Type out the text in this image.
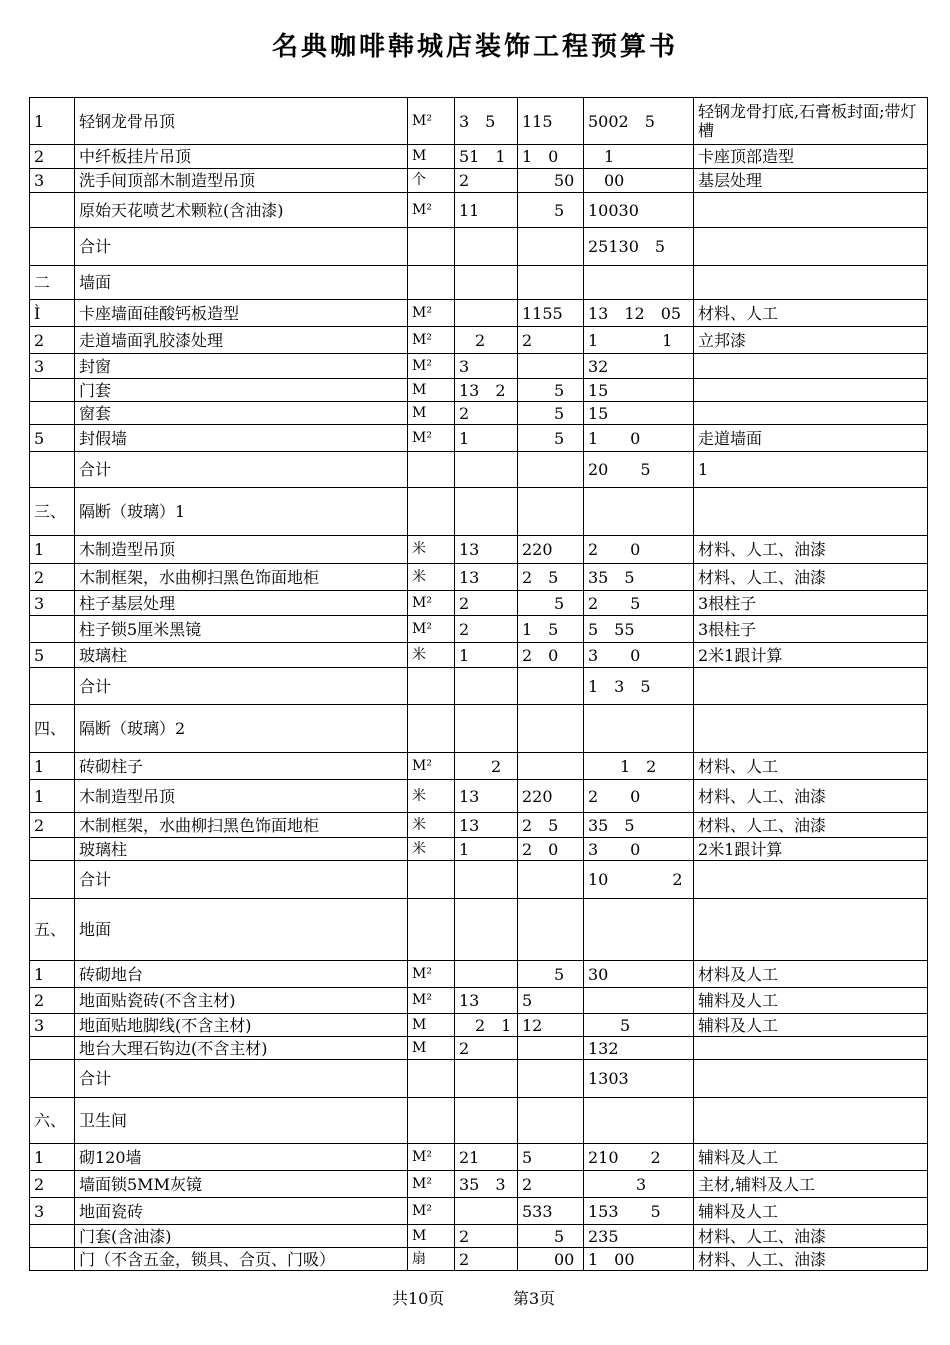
名典咖啡韩城店装饰工程预算书
1	轻钢龙骨吊顶	M²	3　5	115	5002　5	轻钢龙骨打底,石膏板封面;带灯槽
2	中纤板挂片吊顶	M	51　1	1　0	　1	卡座顶部造型
3	洗手间顶部木制造型吊顶	个	2	　　50	　00	基层处理
	原始天花喷艺术颗粒(含油漆)	M²	11	　　5	10030	
	合计				25130　5	
二	墙面					
Ì	卡座墙面硅酸钙板造型	M²		1155	13　12　05	材料、人工
2	走道墙面乳胶漆处理	M²	　2	2	1　　　　1	立邦漆
3	封窗	M²	3		32	
	门套	M	13　2	　　5	15	
	窗套	M	2	　　5	15	
5	封假墙	M²	1	　　5	1　　0	走道墙面
	合计				20　　5	1
三、	隔断（玻璃）1					
1	木制造型吊顶	米	13	220	2　　0	材料、人工、油漆
2	木制框架，水曲柳扫黑色饰面地柜	米	13	2　5	35　5	材料、人工、油漆
3	柱子基层处理	M²	2	　　5	2　　5	3根柱子
	柱子锁5厘米黑镜	M²	2	1　5	5　55	3根柱子
5	玻璃柱	米	1	2　0	3　　0	2米1跟计算
	合计				1　3　5	
四、	隔断（玻璃）2					
1	砖砌柱子	M²	　　2		　　1　2	材料、人工
1	木制造型吊顶	米	13	220	2　　0	材料、人工、油漆
2	木制框架，水曲柳扫黑色饰面地柜	米	13	2　5	35　5	材料、人工、油漆
	玻璃柱	米	1	2　0	3　　0	2米1跟计算
	合计				10　　　　2	
五、	地面					
1	砖砌地台	M²		　　5	30	材料及人工
2	地面贴瓷砖(不含主材)	M²	13	5		辅料及人工
3	地面贴地脚线(不含主材)	M	　2　1	12	　　5	辅料及人工
	地台大理石钩边(不含主材)	M	2		132	
	合计				1303	
六、	卫生间					
1	砌120墙	M²	21	5	210　　2	辅料及人工
2	墙面锁5MM灰镜	M²	35　3	2	　　　3	主材,辅料及人工
3	地面瓷砖	M²		533	153　　5	辅料及人工
	门套(含油漆)	M	2	　　5	235	材料、人工、油漆
	门（不含五金，锁具、合页、门吸）	扇	2	　　00	1　00	材料、人工、油漆
共10页	第3页
